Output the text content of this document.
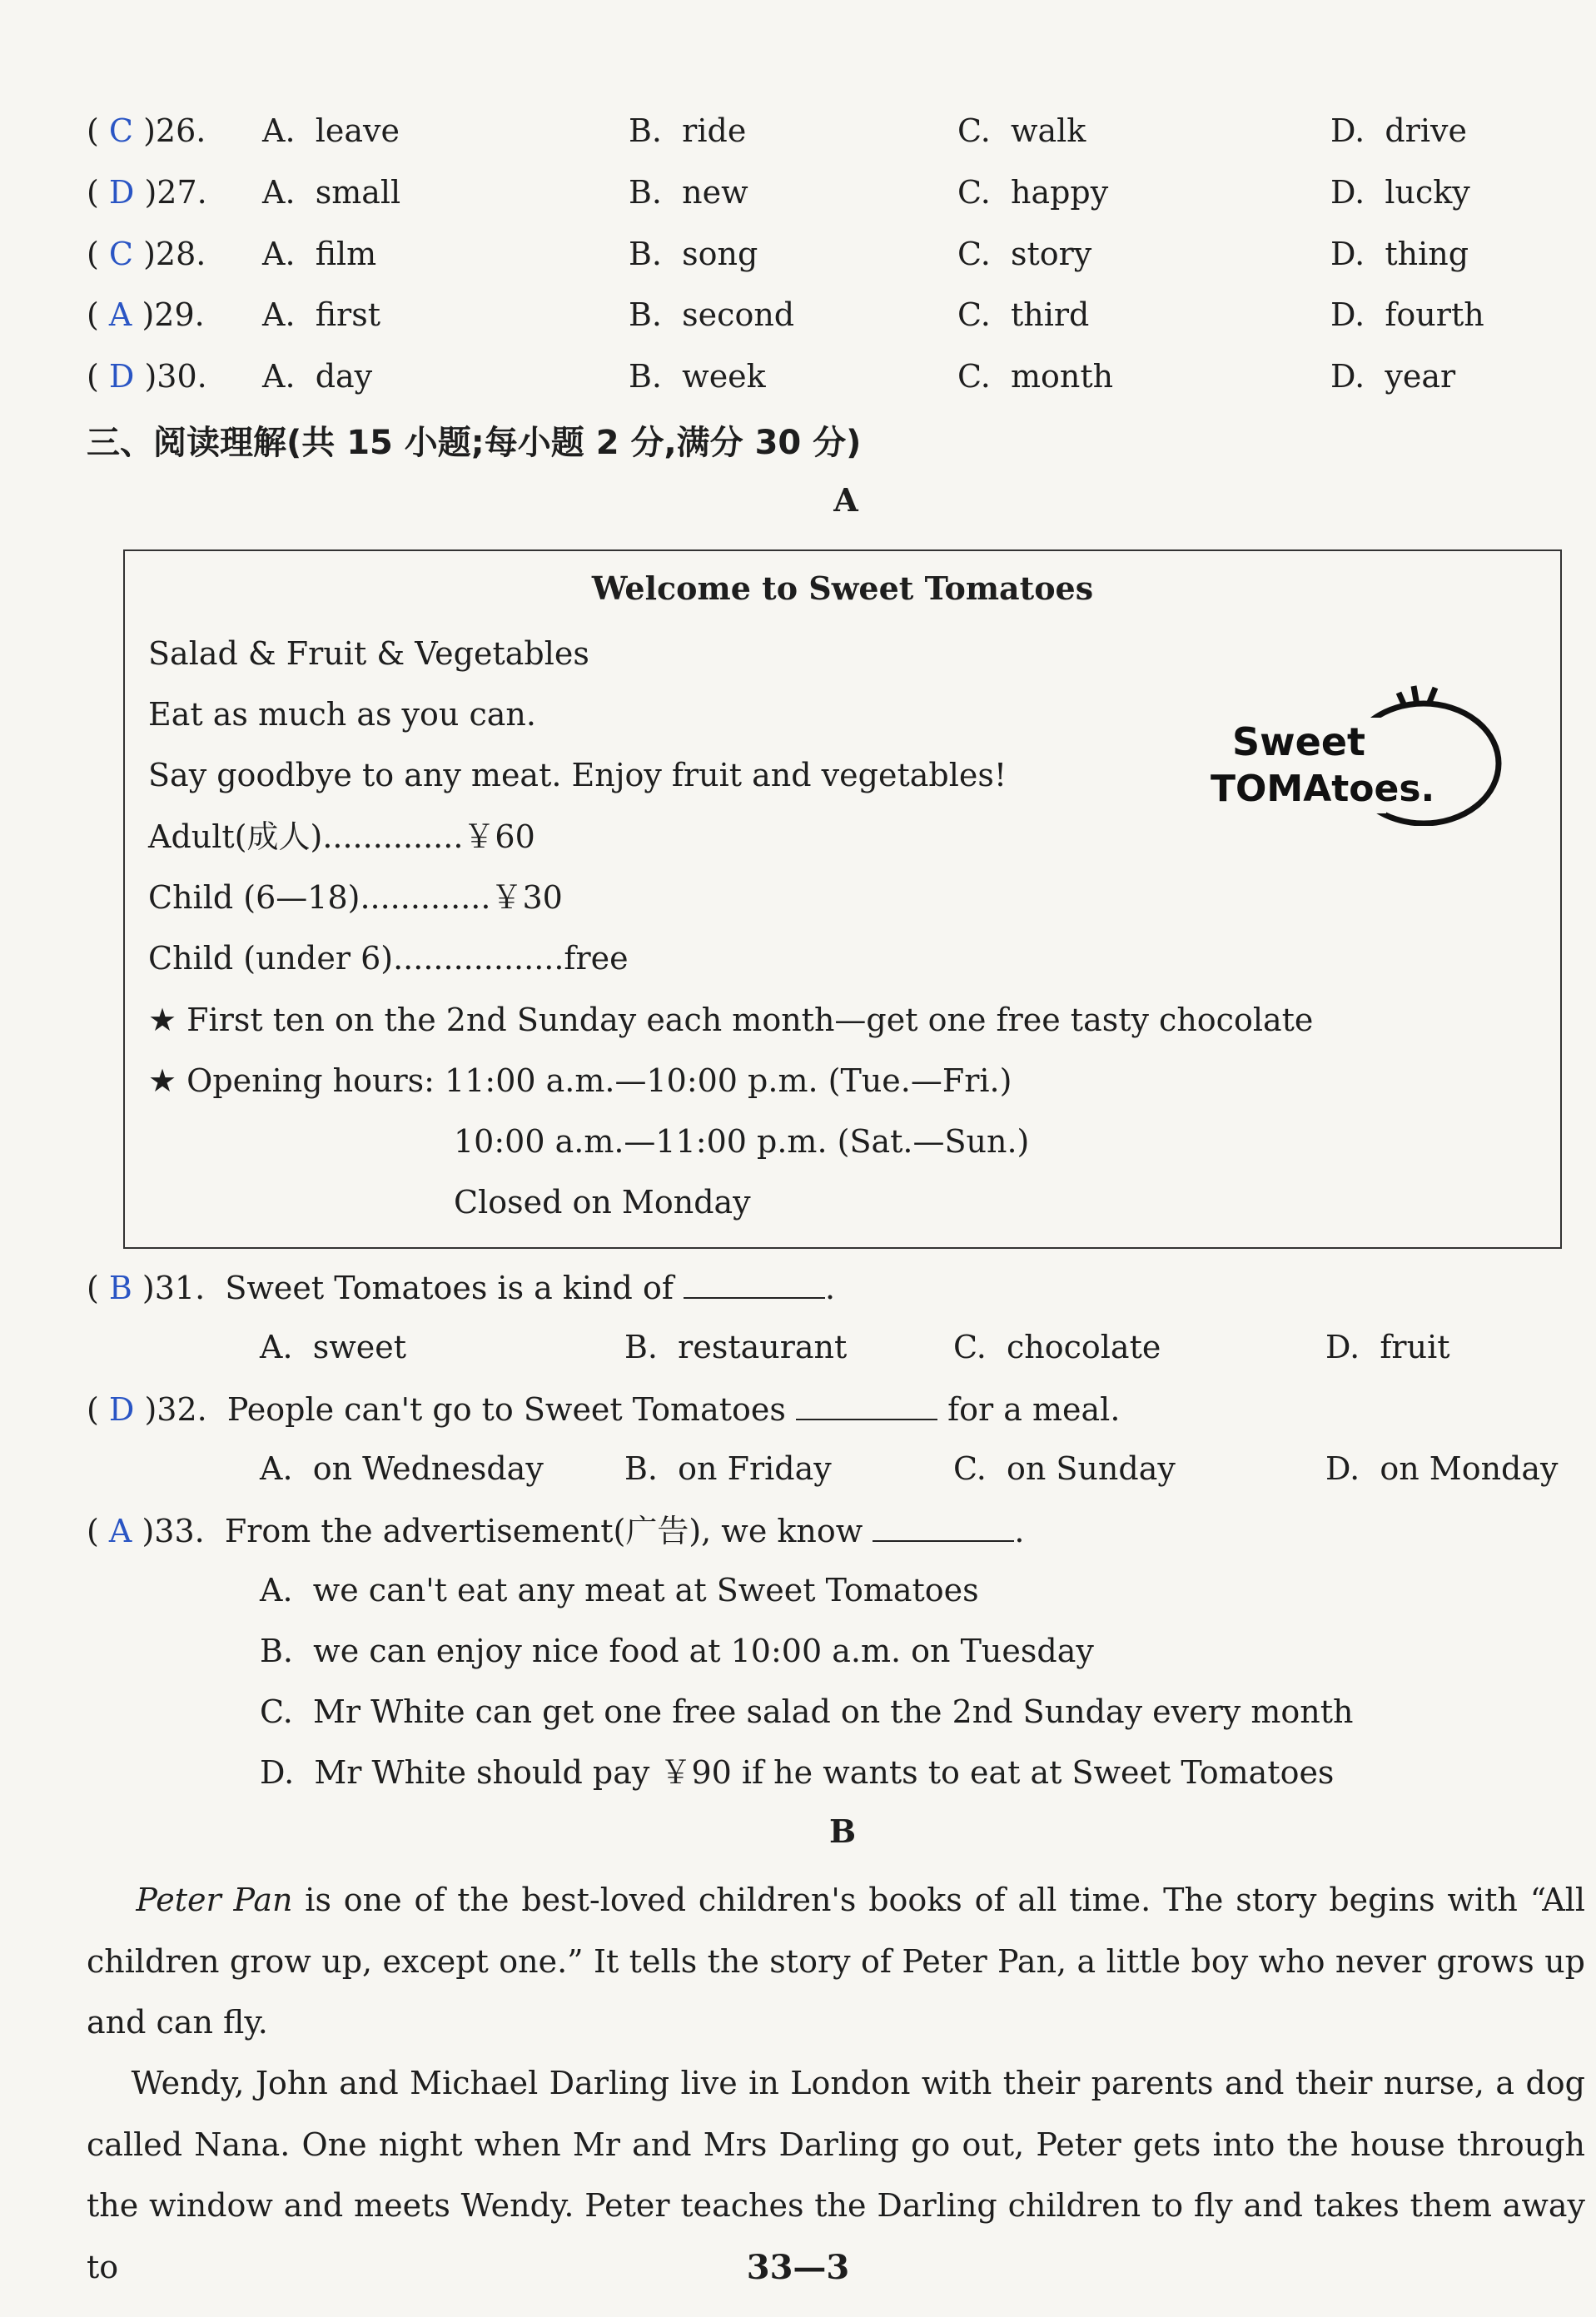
( C )26. A.  leave	B.  ride	C.  walk	D.  drive
( D )27. A.  small	B.  new	C.  happy	D.  lucky
( C )28. A.  film	B.  song	C.  story	D.  thing
( A )29. A.  first	B.  second	C.  third	D.  fourth
( D )30. A.  day	B.  week	C.  month	D.  year
三、阅读理解(共 15 小题;每小题 2 分,满分 30 分)
A
Welcome to Sweet Tomatoes
Salad & Fruit & Vegetables
Eat as much as you can.
Say goodbye to any meat. Enjoy fruit and vegetables!
Adult(成人)..............￥60
Child (6—18).............￥30
Child (under 6).................free
★ First ten on the 2nd Sunday each month—get one free tasty chocolate
★ Opening hours: 11:00 a.m.—10:00 p.m. (Tue.—Fri.)
10:00 a.m.—11:00 p.m. (Sat.—Sun.)
Closed on Monday
Sweet
TOMAtoes.
( B )31.  Sweet Tomatoes is a kind of	.
A.  sweet	B.  restaurant	C.  chocolate	D.  fruit
( D )32.  People can't go to Sweet Tomatoes	for a meal.
A.  on Wednesday	B.  on Friday	C.  on Sunday	D.  on Monday
( A )33.  From the advertisement(广告), we know	.
A.  we can't eat any meat at Sweet Tomatoes
B.  we can enjoy nice food at 10:00 a.m. on Tuesday
C.  Mr White can get one free salad on the 2nd Sunday every month
D.  Mr White should pay ￥90 if he wants to eat at Sweet Tomatoes
B
Peter Pan is one of the best-loved children's books of all time. The story begins with “All children grow up, except one.” It tells the story of Peter Pan, a little boy who never grows up and can fly.
Wendy, John and Michael Darling live in London with their parents and their nurse, a dog called Nana. One night when Mr and Mrs Darling go out, Peter gets into the house through the window and meets Wendy. Peter teaches the Darling children to fly and takes them away to	33—3
